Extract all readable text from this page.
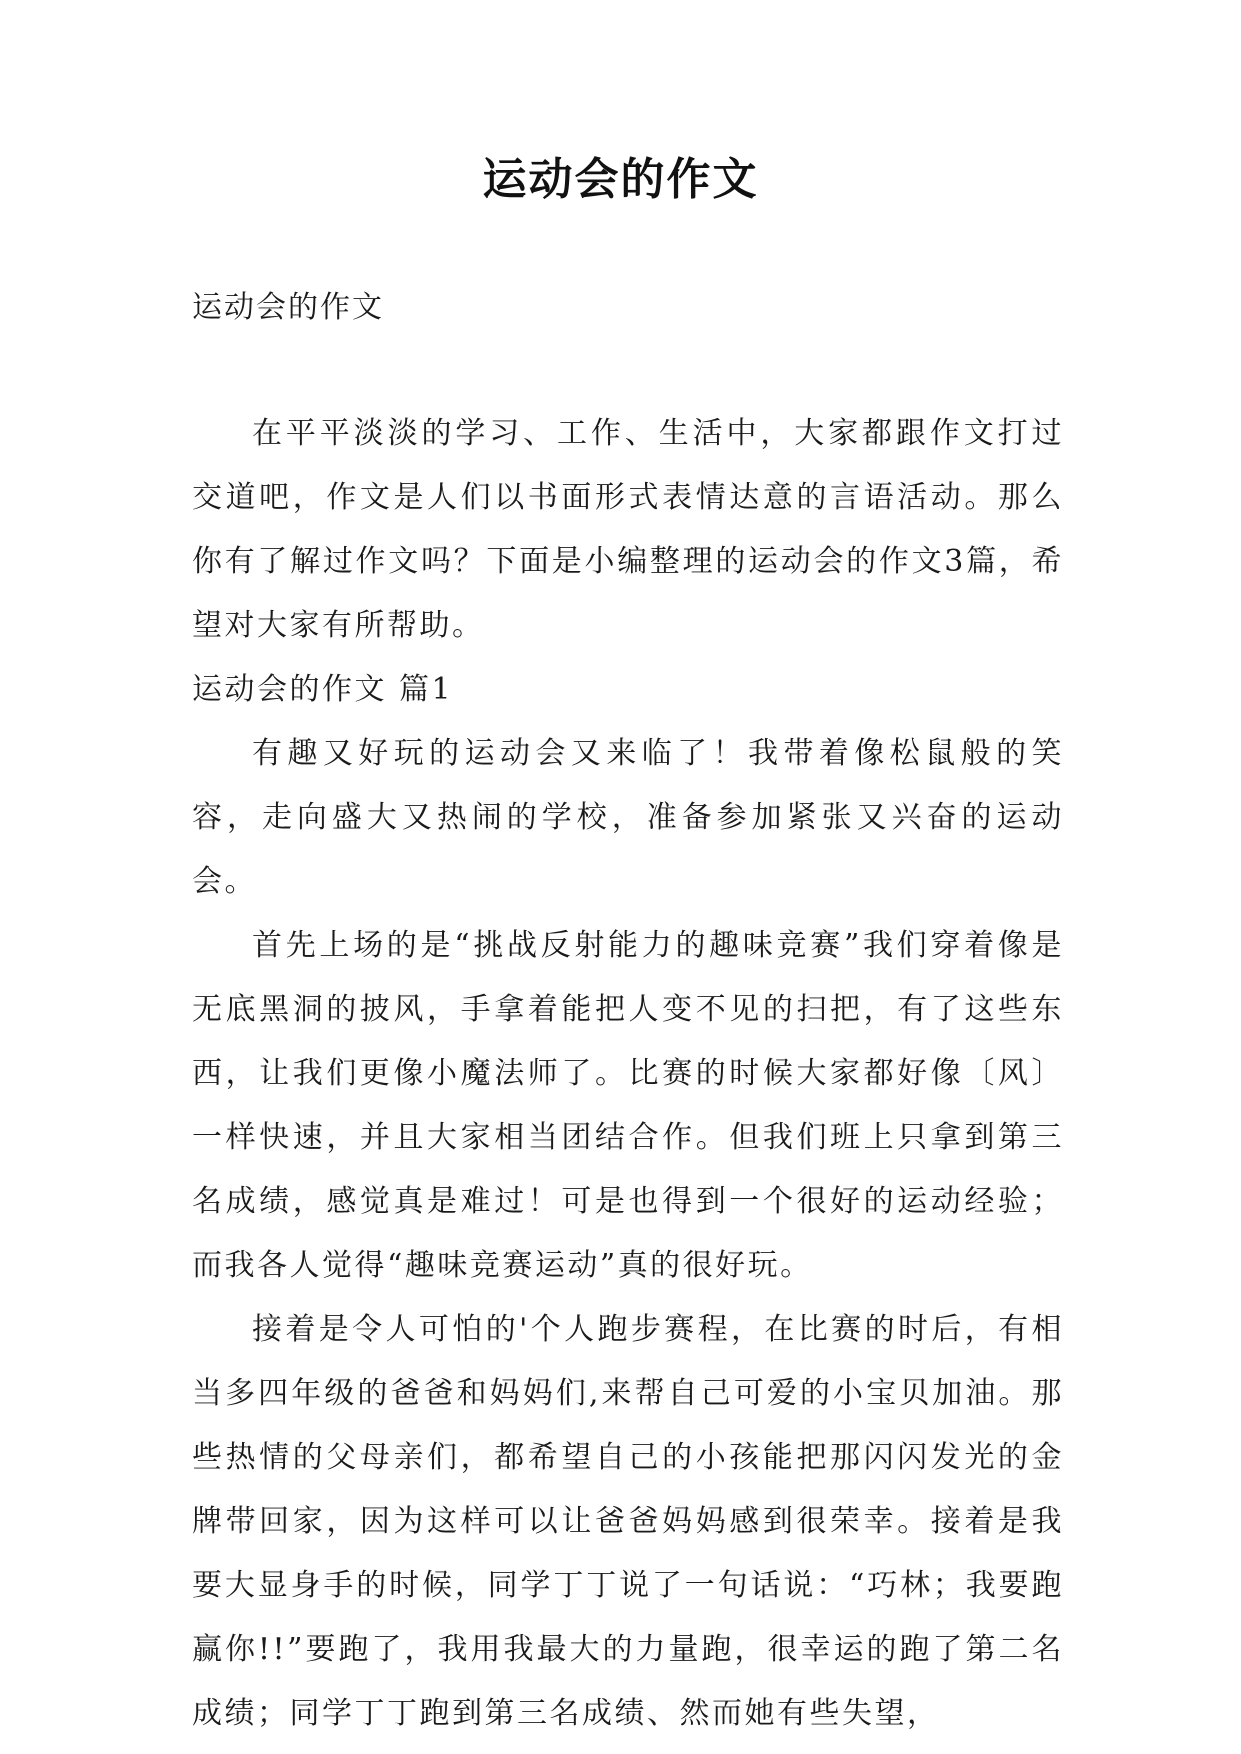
运动会的作文
运动会的作文

在平平淡淡的学习、工作、生活中，大家都跟作文打过交道吧，作文是人们以书面形式表情达意的言语活动。那么你有了解过作文吗？下面是小编整理的运动会的作文3篇，希望对大家有所帮助。

运动会的作文 篇1

有趣又好玩的运动会又来临了！我带着像松鼠般的笑容，走向盛大又热闹的学校，准备参加紧张又兴奋的运动会。

首先上场的是“挑战反射能力的趣味竞赛”我们穿着像是无底黑洞的披风，手拿着能把人变不见的扫把，有了这些东西，让我们更像小魔法师了。比赛的时候大家都好像〔风〕一样快速，并且大家相当团结合作。但我们班上只拿到第三名成绩，感觉真是难过！可是也得到一个很好的运动经验；而我各人觉得“趣味竞赛运动”真的很好玩。

接着是令人可怕的'个人跑步赛程，在比赛的时后，有相当多四年级的爸爸和妈妈们,来帮自己可爱的小宝贝加油。那些热情的父母亲们，都希望自己的小孩能把那闪闪发光的金牌带回家，因为这样可以让爸爸妈妈感到很荣幸。接着是我要大显身手的时候，同学丁丁说了一句话说：“巧林；我要跑赢你!!”要跑了，我用我最大的力量跑，很幸运的跑了第二名成绩；同学丁丁跑到第三名成绩、然而她有些失望，
